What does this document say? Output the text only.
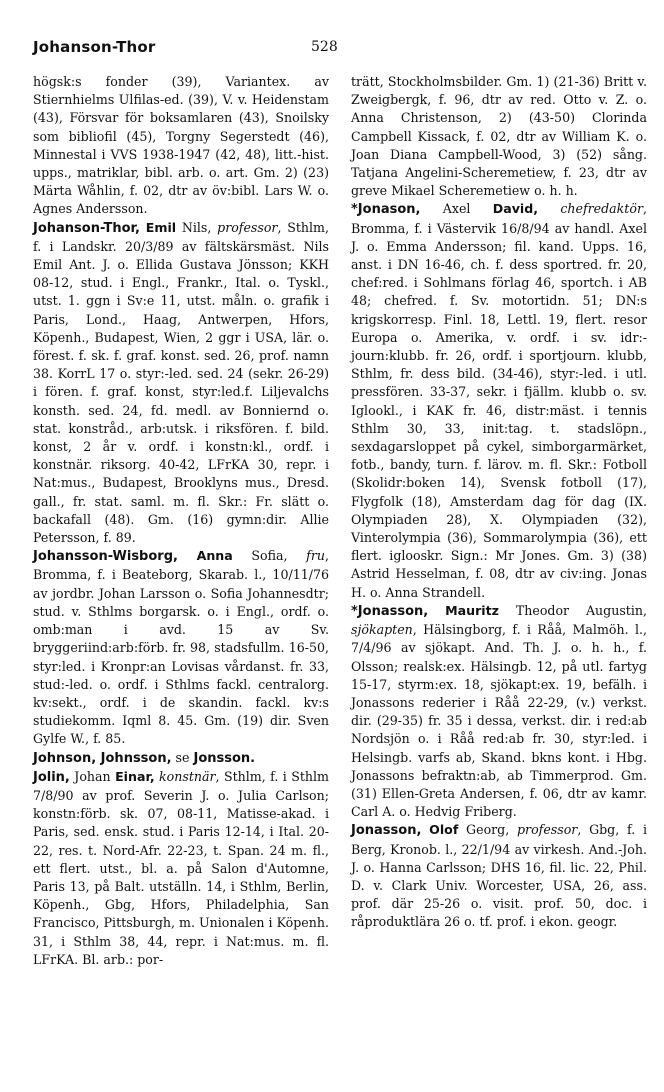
Johanson-Thor	528

högsk:s fonder (39), Variantex. av Stiernhielms Ulfilas-ed. (39), V. v. Heidenstam (43), Försvar för boksamlaren (43), Snoilsky som bibliofil (45), Torgny Segerstedt (46), Minnestal i VVS 1938-1947 (42, 48), litt.-hist. upps., matriklar, bibl. arb. o. art. Gm. 2) (23) Märta Wåhlin, f. 02, dtr av öv:bibl. Lars W. o. Agnes Andersson.

Johanson-Thor, Emil Nils, professor, Sthlm, f. i Landskr. 20/3/89 av fältskärsmäst. Nils Emil Ant. J. o. Ellida Gustava Jönsson; KKH 08-12, stud. i Engl., Frankr., Ital. o. Tyskl., utst. 1. ggn i Sv:e 11, utst. måln. o. grafik i Paris, Lond., Haag, Antwerpen, Hfors, Köpenh., Budapest, Wien, 2 ggr i USA, lär. o. förest. f. sk. f. graf. konst. sed. 26, prof. namn 38. KorrL 17 o. styr:-led. sed. 24 (sekr. 26-29) i fören. f. graf. konst, styr:led.f. Liljevalchs konsth. sed. 24, fd. medl. av Bonniernd o. stat. konstråd., arb:utsk. i riksfören. f. bild. konst, 2 år v. ordf. i konstn:kl., ordf. i konstnär. riksorg. 40-42, LFrKA 30, repr. i Nat:mus., Budapest, Brooklyns mus., Dresd. gall., fr. stat. saml. m. fl. Skr.: Fr. slätt o. backafall (48). Gm. (16) gymn:dir. Allie Petersson, f. 89.

Johansson-Wisborg, Anna Sofia, fru, Bromma, f. i Beateborg, Skarab. l., 10/11/76 av jordbr. Johan Larsson o. Sofia Johannesdtr; stud. v. Sthlms borgarsk. o. i Engl., ordf. o. omb:man i avd. 15 av Sv. bryggeriind:arb:förb. fr. 98, stadsfullm. 16-50, styr:led. i Kronpr:an Lovisas vårdanst. fr. 33, stud:-led. o. ordf. i Sthlms fackl. centralorg. kv:sekt., ordf. i de skandin. fackl. kv:s studiekomm. Iqml 8. 45. Gm. (19) dir. Sven Gylfe W., f. 85.

Johnson, Johnsson, se Jonsson.

Jolin, Johan Einar, konstnär, Sthlm, f. i Sthlm 7/8/90 av prof. Severin J. o. Julia Carlson; konstn:förb. sk. 07, 08-11, Matisse-akad. i Paris, sed. ensk. stud. i Paris 12-14, i Ital. 20-22, res. t. Nord-Afr. 22-23, t. Span. 24 m. fl., ett flert. utst., bl. a. på Salon d'Automne, Paris 13, på Balt. utställn. 14, i Sthlm, Berlin, Köpenh., Gbg, Hfors, Philadelphia, San Francisco, Pittsburgh, m. Unionalen i Köpenh. 31, i Sthlm 38, 44, repr. i Nat:mus. m. fl. LFrKA. Bl. arb.: por-

trätt, Stockholmsbilder. Gm. 1) (21-36) Britt v. Zweigbergk, f. 96, dtr av red. Otto v. Z. o. Anna Christenson, 2) (43-50) Clorinda Campbell Kissack, f. 02, dtr av William K. o. Joan Diana Campbell-Wood, 3) (52) sång. Tatjana Angelini-Scheremetiew, f. 23, dtr av greve Mikael Scheremetiew o. h. h.

*Jonason, Axel David, chefredaktör, Bromma, f. i Västervik 16/8/94 av handl. Axel J. o. Emma Andersson; fil. kand. Upps. 16, anst. i DN 16-46, ch. f. dess sportred. fr. 20, chef:red. i Sohlmans förlag 46, sportch. i AB 48; chefred. f. Sv. motortidn. 51; DN:s krigskorresp. Finl. 18, Lettl. 19, flert. resor Europa o. Amerika, v. ordf. i sv. idr:-journ:klubb. fr. 26, ordf. i sportjourn. klubb, Sthlm, fr. dess bild. (34-46), styr:-led. i utl. pressfören. 33-37, sekr. i fjällm. klubb o. sv. Iglookl., i KAK fr. 46, distr:mäst. i tennis Sthlm 30, 33, init:tag. t. stadslöpn., sexdagarsloppet på cykel, simborgarmärket, fotb., bandy, turn. f. lärov. m. fl. Skr.: Fotboll (Skolidr:boken 14), Svensk fotboll (17), Flygfolk (18), Amsterdam dag för dag (IX. Olympiaden 28), X. Olympiaden (32), Vinterolympia (36), Sommarolympia (36), ett flert. iglooskr. Sign.: Mr Jones. Gm. 3) (38) Astrid Hesselman, f. 08, dtr av civ:ing. Jonas H. o. Anna Strandell.

*Jonasson, Mauritz Theodor Augustin, sjökapten, Hälsingborg, f. i Råå, Malmöh. l., 7/4/96 av sjökapt. And. Th. J. o. h. h., f. Olsson; realsk:ex. Hälsingb. 12, på utl. fartyg 15-17, styrm:ex. 18, sjökapt:ex. 19, befälh. i Jonassons rederier i Råå 22-29, (v.) verkst. dir. (29-35) fr. 35 i dessa, verkst. dir. i red:ab Nordsjön o. i Råå red:ab fr. 30, styr:led. i Helsingb. varfs ab, Skand. bkns kont. i Hbg. Jonassons befraktn:ab, ab Timmerprod. Gm. (31) Ellen-Greta Andersen, f. 06, dtr av kamr. Carl A. o. Hedvig Friberg.

Jonasson, Olof Georg, professor, Gbg, f. i Berg, Kronob. l., 22/1/94 av virkesh. And.-Joh. J. o. Hanna Carlsson; DHS 16, fil. lic. 22, Phil. D. v. Clark Univ. Worcester, USA, 26, ass. prof. där 25-26 o. visit. prof. 50, doc. i råproduktlära 26 o. tf. prof. i ekon. geogr.
